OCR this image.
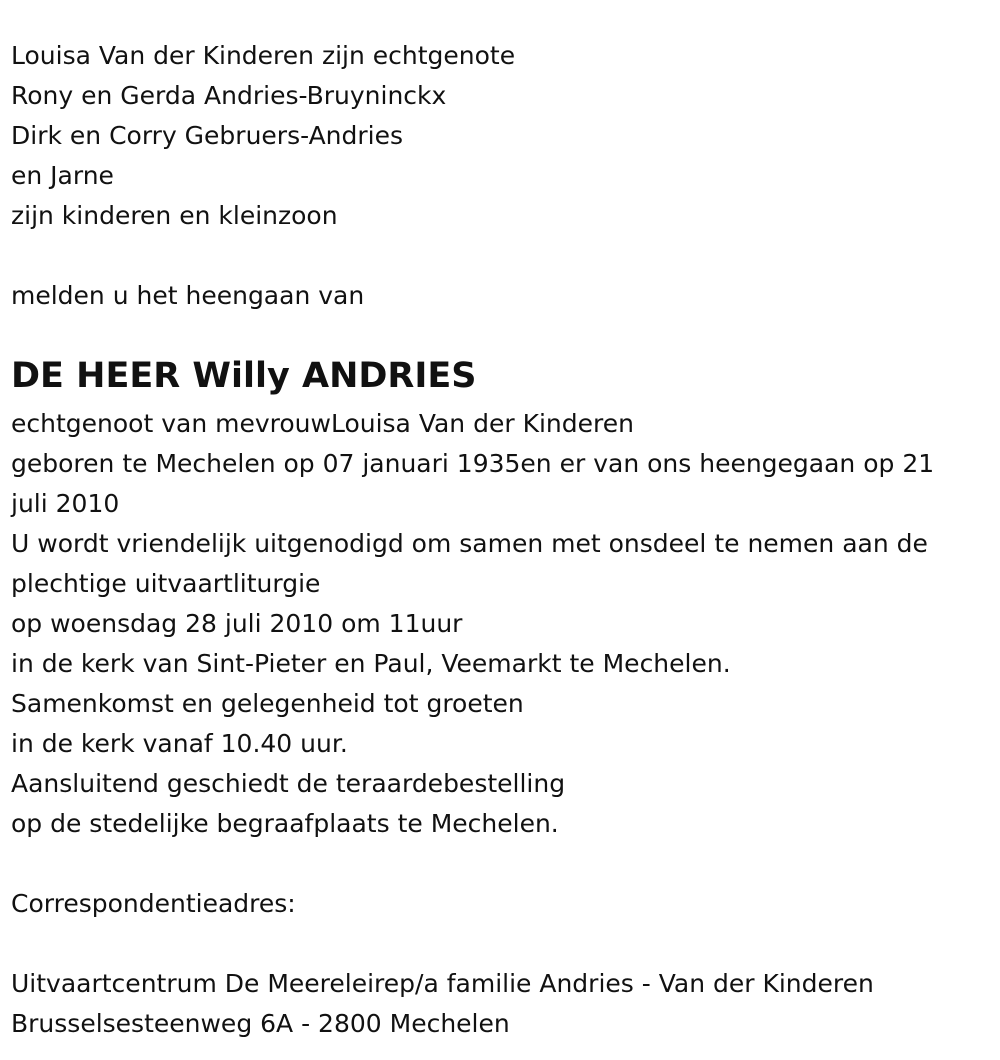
Louisa Van der Kinderen zijn echtgenote
Rony en Gerda Andries-Bruyninckx
Dirk en Corry Gebruers-Andries
en Jarne
zijn kinderen en kleinzoon
melden u het heengaan van
DE HEER Willy ANDRIES
echtgenoot van mevrouwLouisa Van der Kinderen
geboren te Mechelen op 07 januari 1935en er van ons heengegaan op 21
juli 2010
U wordt vriendelijk uitgenodigd om samen met onsdeel te nemen aan de
plechtige uitvaartliturgie
op woensdag 28 juli 2010 om 11uur
in de kerk van Sint-Pieter en Paul, Veemarkt te Mechelen.
Samenkomst en gelegenheid tot groeten
in de kerk vanaf 10.40 uur.
Aansluitend geschiedt de teraardebestelling
op de stedelijke begraafplaats te Mechelen.
Correspondentieadres:
Uitvaartcentrum De Meereleirep/a familie Andries - Van der Kinderen
Brusselsesteenweg 6A - 2800 Mechelen
